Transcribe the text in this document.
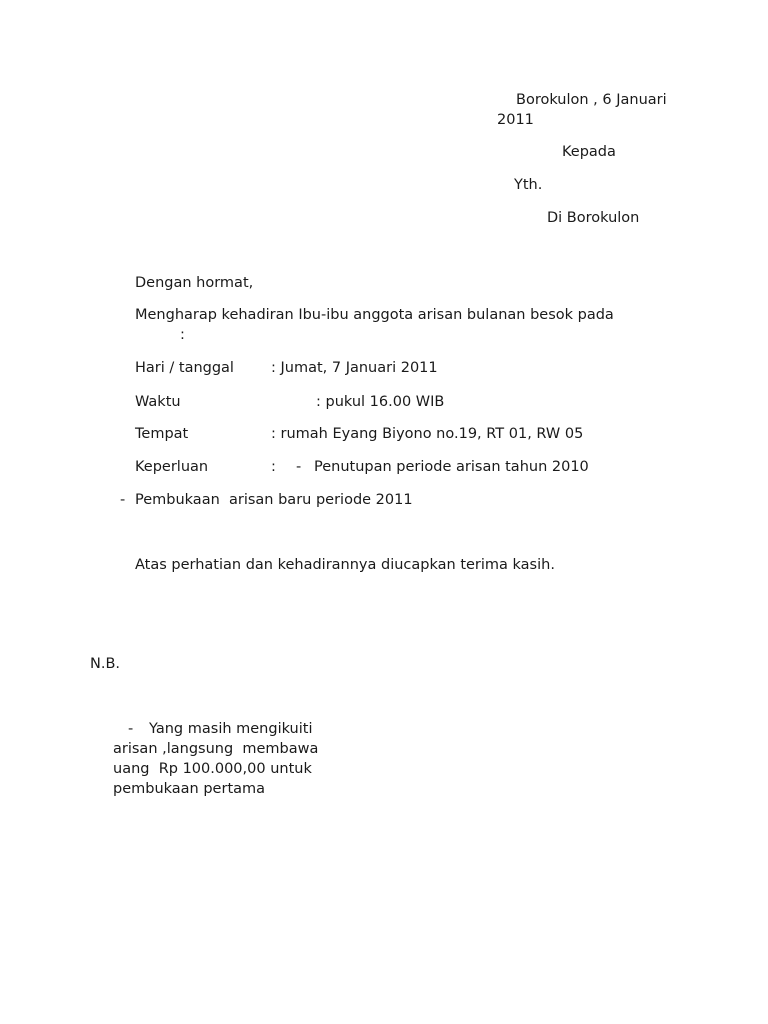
Borokulon , 6 Januari

2011

Kepada

Yth.

Di Borokulon

Dengan hormat,

Mengharap kehadiran Ibu-ibu anggota arisan bulanan besok pada

:

Hari / tanggal	: Jumat, 7 Januari 2011

Waktu	: pukul 16.00 WIB

Tempat	: rumah Eyang Biyono no.19, RT 01, RW 05

Keperluan	: - Penutupan periode arisan tahun 2010

- Pembukaan  arisan baru periode 2011

Atas perhatian dan kehadirannya diucapkan terima kasih.

N.B.

- Yang masih mengikuiti

arisan ,langsung  membawa

uang  Rp 100.000,00 untuk

pembukaan pertama
